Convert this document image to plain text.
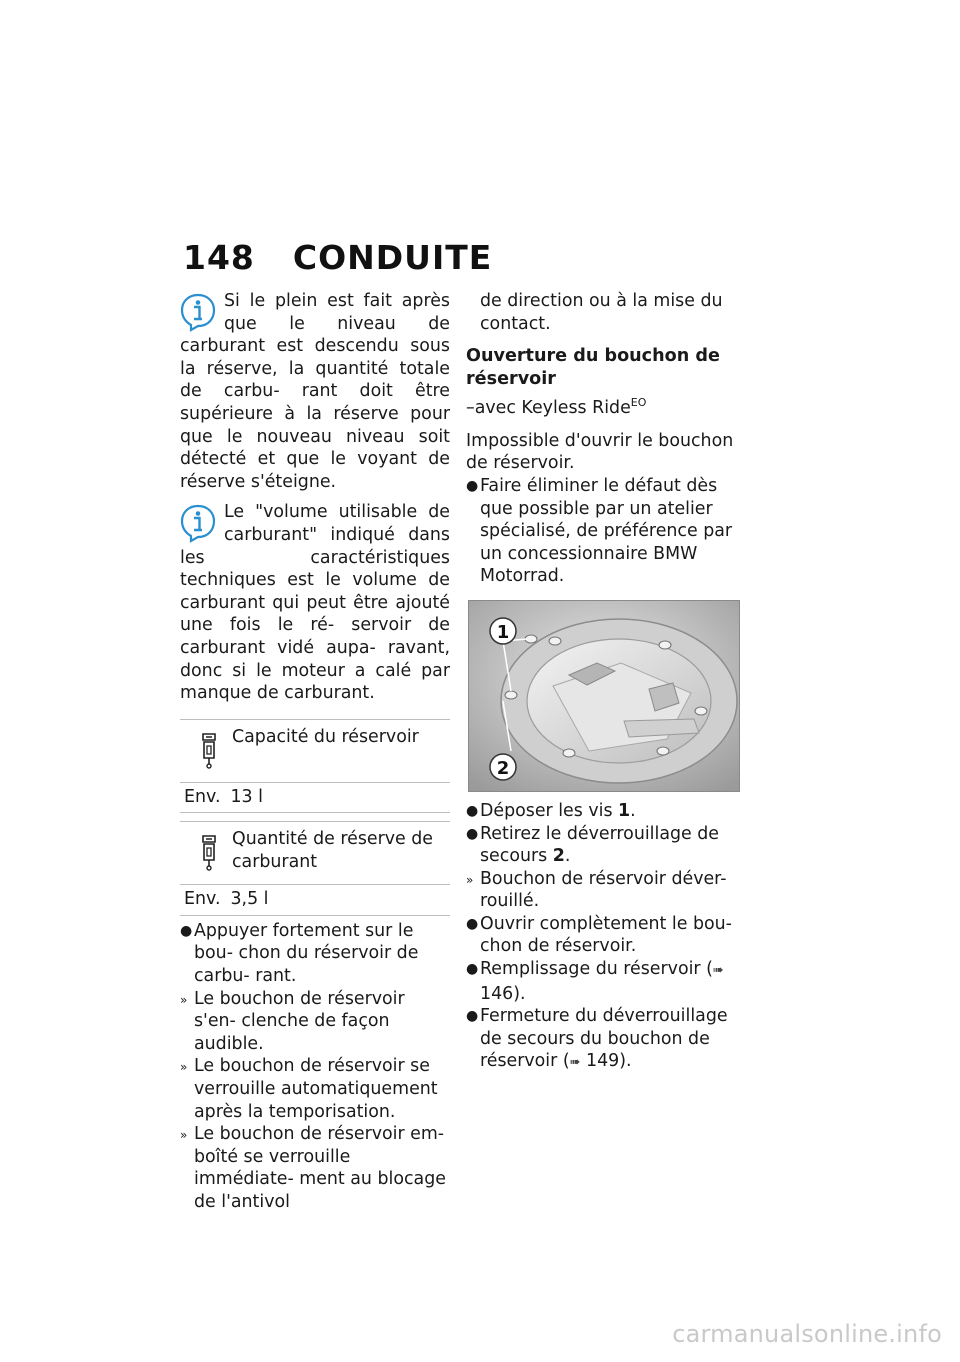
148 CONDUITE

Si le plein est fait après que le niveau de carburant est descendu sous la réserve, la quantité totale de carbu- rant doit être supérieure à la réserve pour que le nouveau niveau soit détecté et que le voyant de réserve s'éteigne.

Le "volume utilisable de carburant" indiqué dans les caractéristiques techniques est le volume de carburant qui peut être ajouté une fois le ré- servoir de carburant vidé aupa- ravant, donc si le moteur a calé par manque de carburant.

Capacité du réservoir
Env. 13 l
Quantité de réserve de carburant
Env. 3,5 l
● Appuyer fortement sur le bou- chon du réservoir de carbu- rant.
» Le bouchon de réservoir s'en- clenche de façon audible.
» Le bouchon de réservoir se verrouille automatiquement après la temporisation.
» Le bouchon de réservoir em- boîté se verrouille immédiate- ment au blocage de l'antivol

de direction ou à la mise du contact.

Ouverture du bouchon de réservoir

–avec Keyless Ride$^{EO}$

Impossible d'ouvrir le bouchon de réservoir.

● Faire éliminer le défaut dès que possible par un atelier spécialisé, de préférence par un concessionnaire BMW Motorrad.
1
2
● Déposer les vis 1.
● Retirez le déverrouillage de secours 2.
» Bouchon de réservoir déver- rouillé.
● Ouvrir complètement le bou- chon de réservoir.
● Remplissage du réservoir (➠ 146).
● Fermeture du déverrouillage de secours du bouchon de réservoir (➠ 149).
carmanualsonline.info
